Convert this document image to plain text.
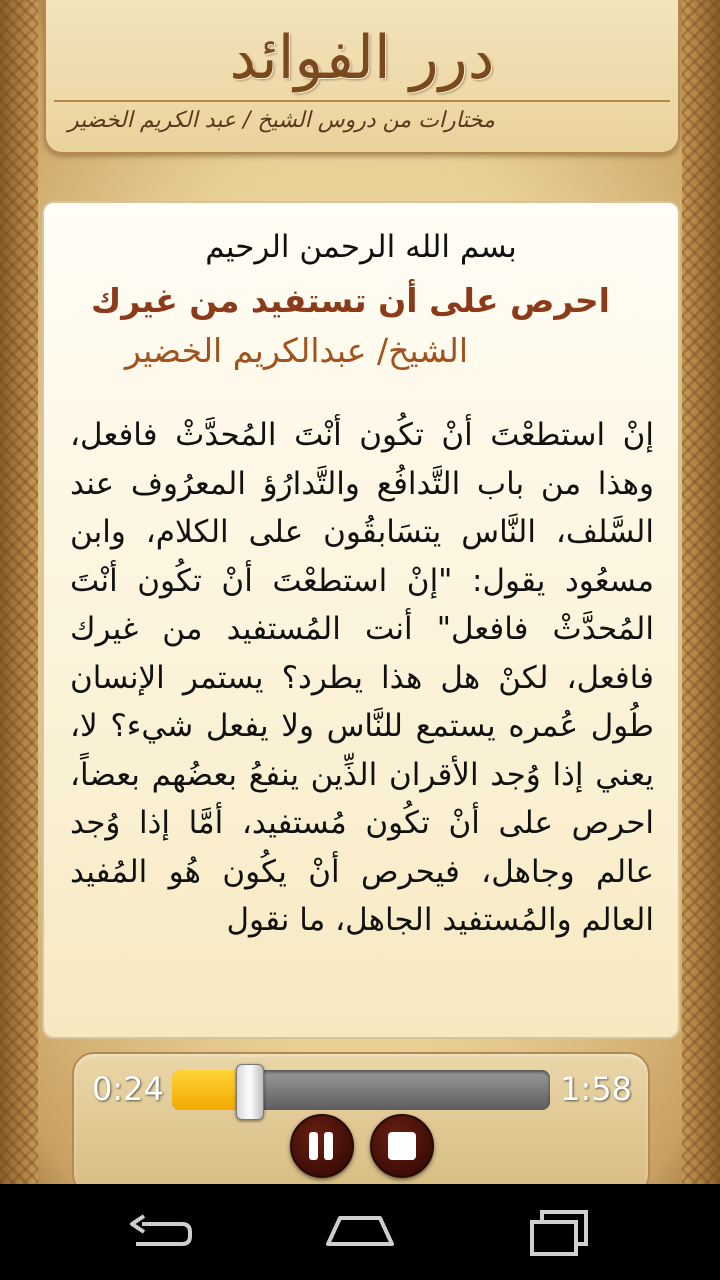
درر الفوائد
مختارات من دروس الشيخ / عبد الكريم الخضير
بسم الله الرحمن الرحيم
احرص على أن تستفيد من غيرك
الشيخ/ عبدالكريم الخضير
إنْ استطعْتَ أنْ تكُون أنْتَ المُحدَّثْ فافعل، وهذا من باب التَّدافُع والتَّدارُؤ المعرُوف عند السَّلف، النَّاس يتسَابقُون على الكلام، وابن مسعُود يقول: "إنْ استطعْتَ أنْ تكُون أنْتَ المُحدَّثْ فافعل" أنت المُستفيد من غيرك فافعل، لكنْ هل هذا يطرد؟ يستمر الإنسان طُول عُمره يستمع للنَّاس ولا يفعل شيء؟ لا، يعني إذا وُجد الأقران الذِّين ينفعُ بعضُهم بعضاً، احرص على أنْ تكُون مُستفيد، أمَّا إذا وُجد عالم وجاهل، فيحرص أنْ يكُون هُو المُفيد العالم والمُستفيد الجاهل، ما نقول
0:24	1:58
